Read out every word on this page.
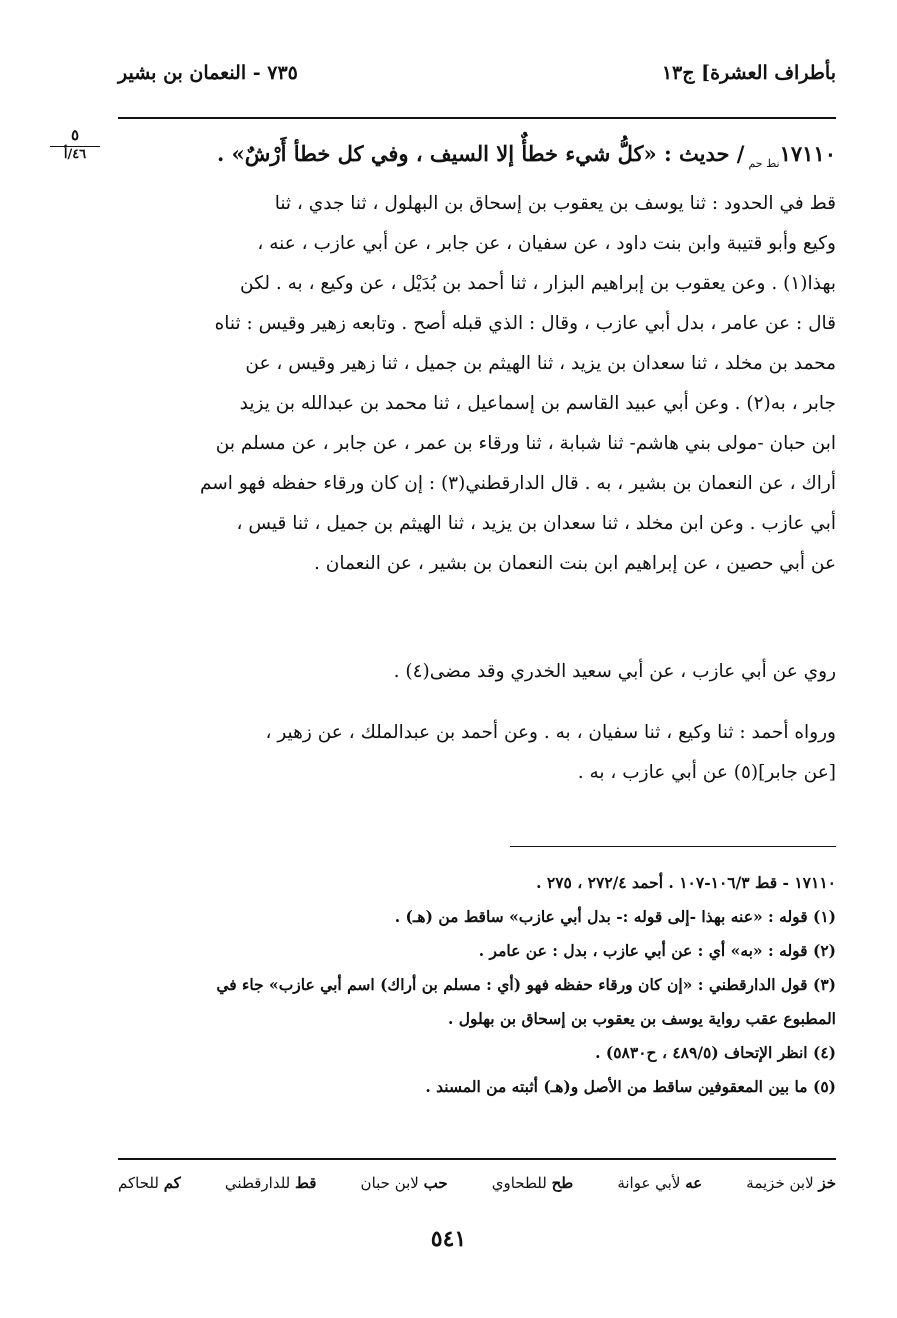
بأطراف العشرة] ج١٣
٧٣٥ - النعمان بن بشير
٥
٤٦/أ	$١٧١١٠_{نط حم}/$ حديث : «كلُّ شيء خطأٌ إلا السيف ، وفي كل خطأ أَرْشٌ» .

قط في الحدود : ثنا يوسف بن يعقوب بن إسحاق بن البهلول ، ثنا جدي ، ثنا

وكيع وأبو قتيبة وابن بنت داود ، عن سفيان ، عن جابر ، عن أبي عازب ، عنه ،

بهذا(١) . وعن يعقوب بن إبراهيم البزار ، ثنا أحمد بن بُدَيْل ، عن وكيع ، به . لكن

قال : عن عامر ، بدل أبي عازب ، وقال : الذي قبله أصح . وتابعه زهير وقيس : ثناه

محمد بن مخلد ، ثنا سعدان بن يزيد ، ثنا الهيثم بن جميل ، ثنا زهير وقيس ، عن

جابر ، به(٢) . وعن أبي عبيد القاسم بن إسماعيل ، ثنا محمد بن عبدالله بن يزيد

ابن حبان -مولى بني هاشم- ثنا شبابة ، ثنا ورقاء بن عمر ، عن جابر ، عن مسلم بن

أراك ، عن النعمان بن بشير ، به . قال الدارقطني(٣) : إن كان ورقاء حفظه فهو اسم

أبي عازب . وعن ابن مخلد ، ثنا سعدان بن يزيد ، ثنا الهيثم بن جميل ، ثنا قيس ،

عن أبي حصين ، عن إبراهيم ابن بنت النعمان بن بشير ، عن النعمان .

روي عن أبي عازب ، عن أبي سعيد الخدري وقد مضى(٤) .

ورواه أحمد : ثنا وكيع ، ثنا سفيان ، به . وعن أحمد بن عبدالملك ، عن زهير ،

[عن جابر](٥) عن أبي عازب ، به .

١٧١١٠ - قط ١٠٦/٣-١٠٧ . أحمد ٢٧٢/٤ ، ٢٧٥ .

(١) قوله : «عنه بهذا -إلى قوله :- بدل أبي عازب» ساقط من (هـ) .

(٢) قوله : «به» أي : عن أبي عازب ، بدل : عن عامر .

(٣) قول الدارقطني : «إن كان ورقاء حفظه فهو (أي : مسلم بن أراك) اسم أبي عازب» جاء في

المطبوع عقب رواية يوسف بن يعقوب بن إسحاق بن بهلول .

(٤) انظر الإتحاف (٤٨٩/٥ ، ح٥٨٣٠) .

(٥) ما بين المعقوفين ساقط من الأصل و(هـ) أثبته من المسند .

خز لابن خزيمة
عه لأبي عوانة
طح للطحاوي
حب لابن حبان
قط للدارقطني
كم للحاكم
٥٤١
